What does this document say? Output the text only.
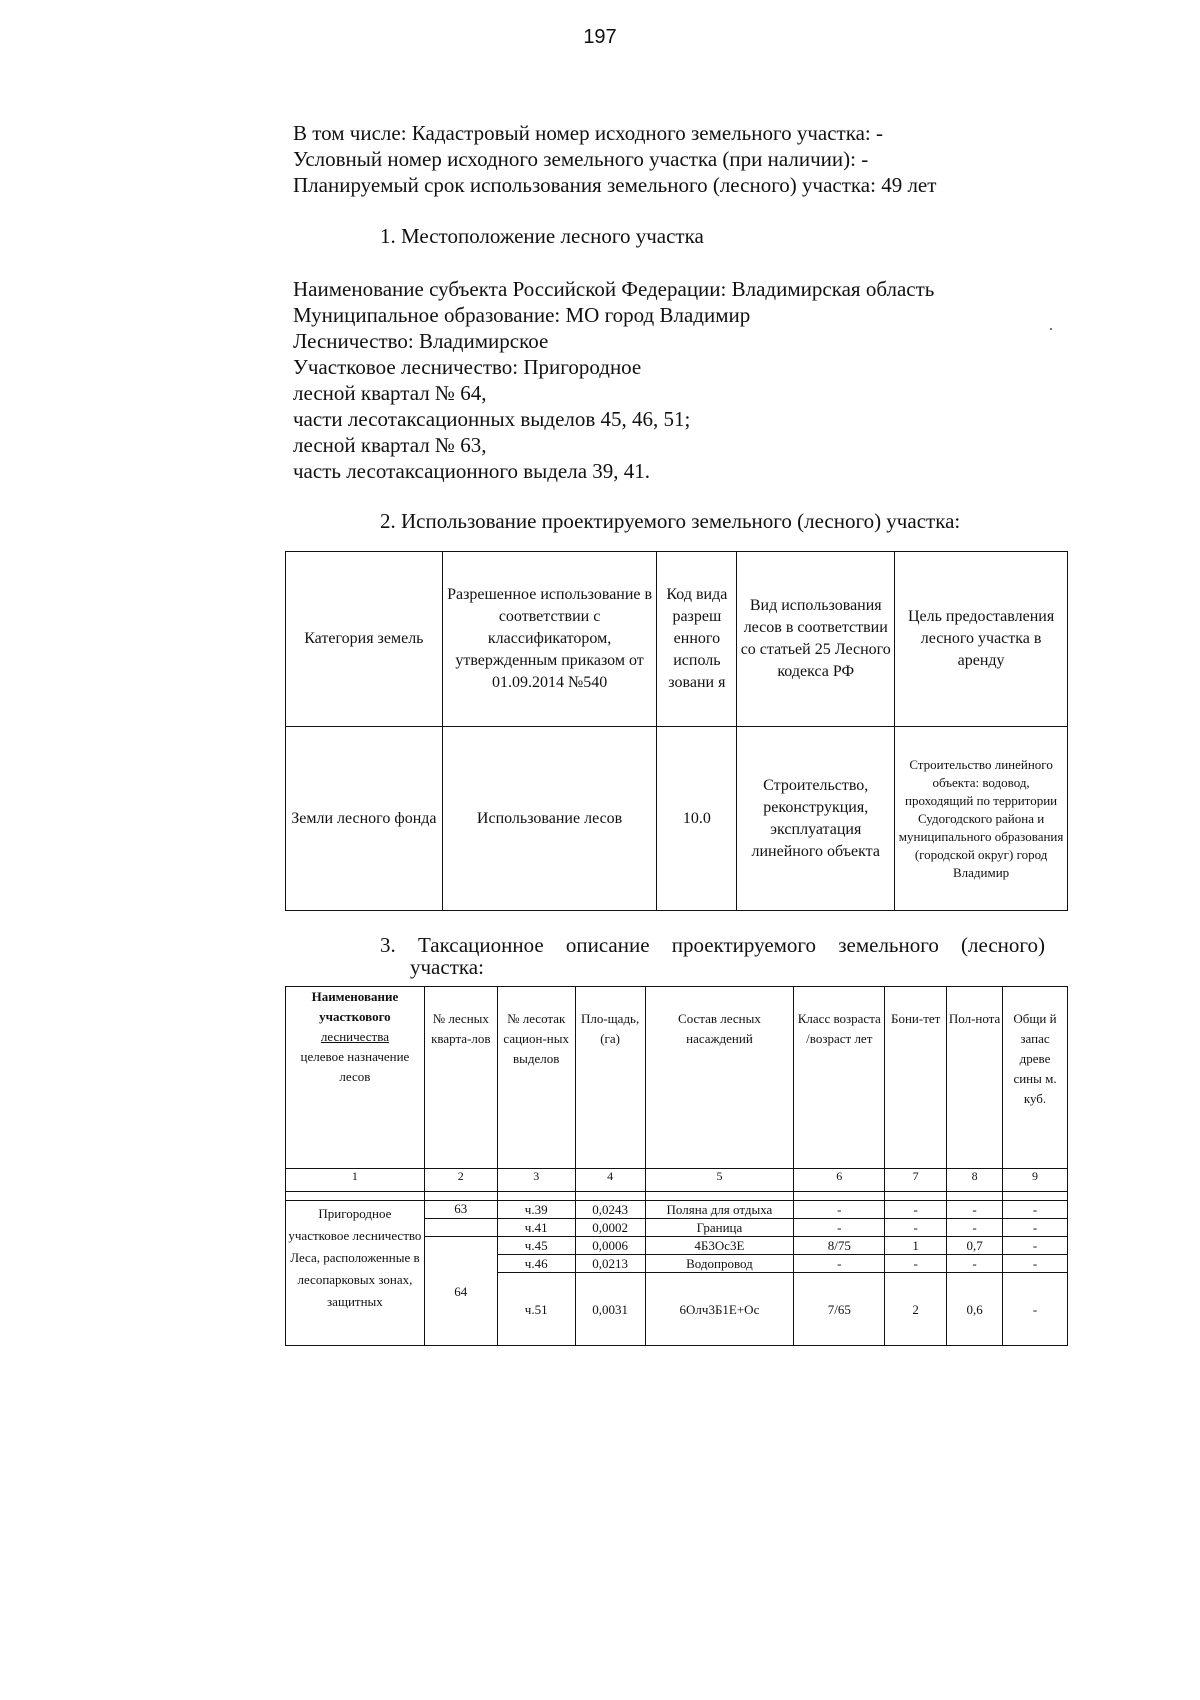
197
В том числе: Кадастровый номер исходного земельного участка: -
Условный номер исходного земельного участка (при наличии): -
Планируемый срок использования земельного (лесного) участка: 49 лет
1. Местоположение лесного участка
Наименование субъекта Российской Федерации: Владимирская область
Муниципальное образование: МО город Владимир
Лесничество: Владимирское
Участковое лесничество: Пригородное
лесной квартал № 64,
части лесотаксационных выделов 45, 46, 51;
лесной квартал № 63,
часть лесотаксационного выдела 39, 41.
2. Использование проектируемого земельного (лесного) участка:
Категория земель	Разрешенное использование в соответствии с классификатором, утвержденным приказом от 01.09.2014 №540	Код вида разреш енного исполь зовани я	Вид использования лесов в соответствии со статьей 25 Лесного кодекса РФ	Цель предоставления лесного участка в аренду
Земли лесного фонда	Использование лесов	10.0	Строительство, реконструкция, эксплуатация линейного объекта	Строительство линейного объекта: водовод, проходящий по территории Судогодского района и муниципального образования (городской округ) город Владимир
3. Таксационное описание проектируемого земельного (лесного)
участка:
Наименование участкового
лесничества
целевое назначение лесов	№ лесных кварта-лов	№ лесотак сацион-ных выделов	Пло-щадь, (га)	Состав лесных насаждений	Класс возраста /возраст лет	Бони-тет	Пол-нота	Общи й запас древе сины м. куб.
1	2	3	4	5	6	7	8	9

Пригородное участковое лесничество Леса, расположенные в лесопарковых зонах, защитных	63	ч.39	0,0243	Поляна для отдыха	-	-	-	-
		ч.41	0,0002	Граница	-	-	-	-
	64	ч.45	0,0006	4Б3Ос3Е	8/75	1	0,7	-
		ч.46	0,0213	Водопровод	-	-	-	-
		ч.51	0,0031	6Олч3Б1Е+Ос	7/65	2	0,6	-
